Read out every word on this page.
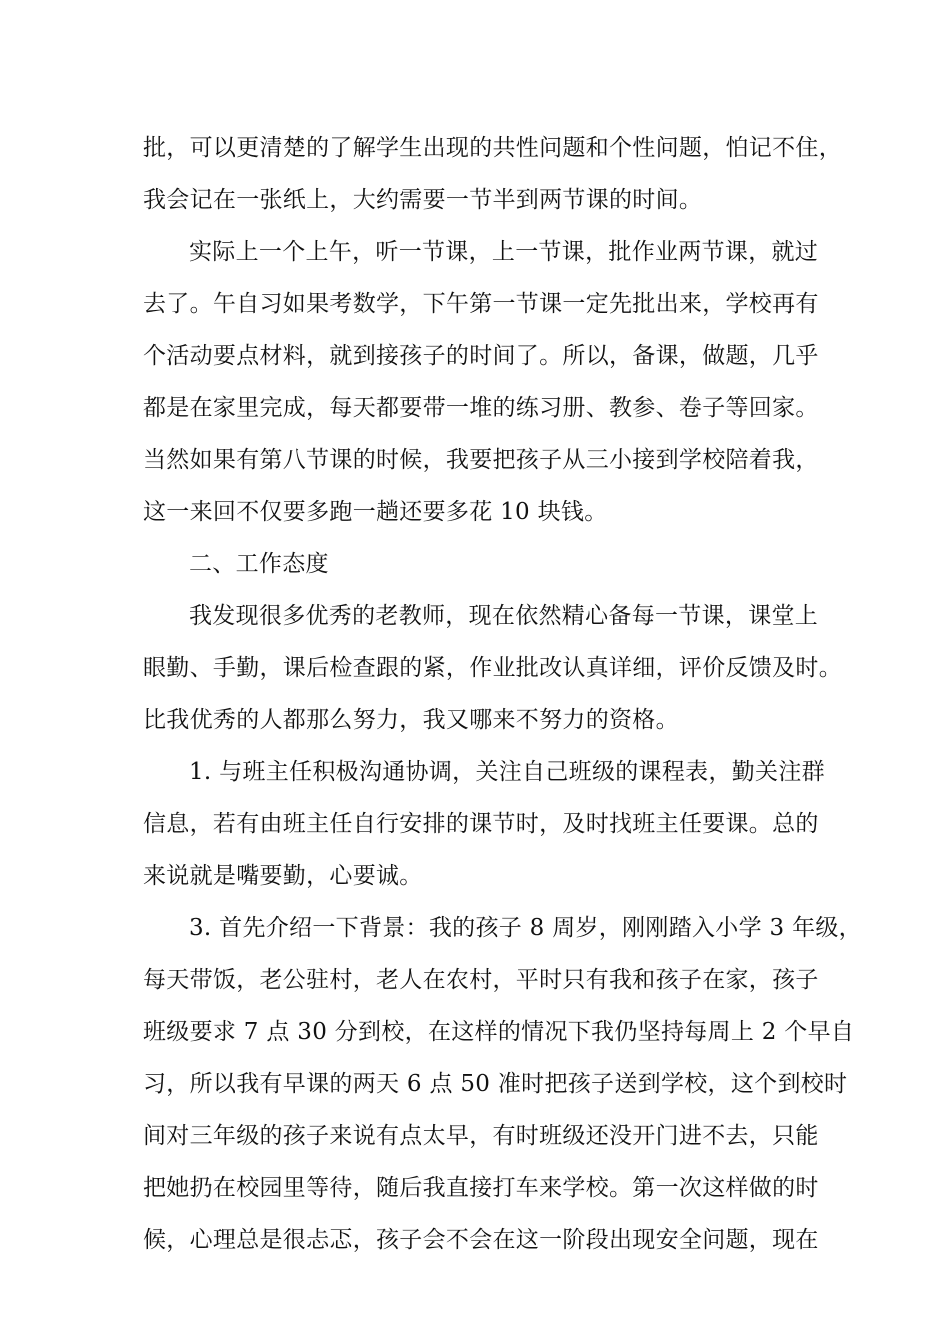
批，可以更清楚的了解学生出现的共性问题和个性问题，怕记不住，
我会记在一张纸上，大约需要一节半到两节课的时间。
实际上一个上午，听一节课，上一节课，批作业两节课，就过
去了。午自习如果考数学，下午第一节课一定先批出来，学校再有
个活动要点材料，就到接孩子的时间了。所以，备课，做题，几乎
都是在家里完成，每天都要带一堆的练习册、教参、卷子等回家。
当然如果有第八节课的时候，我要把孩子从三小接到学校陪着我，
这一来回不仅要多跑一趟还要多花 10 块钱。
二、工作态度
我发现很多优秀的老教师，现在依然精心备每一节课，课堂上
眼勤、手勤，课后检查跟的紧，作业批改认真详细，评价反馈及时。
比我优秀的人都那么努力，我又哪来不努力的资格。
1. 与班主任积极沟通协调，关注自己班级的课程表，勤关注群
信息，若有由班主任自行安排的课节时，及时找班主任要课。总的
来说就是嘴要勤，心要诚。
3. 首先介绍一下背景：我的孩子 8 周岁，刚刚踏入小学 3 年级，
每天带饭，老公驻村，老人在农村，平时只有我和孩子在家，孩子
班级要求 7 点 30 分到校，在这样的情况下我仍坚持每周上 2 个早自
习，所以我有早课的两天 6 点 50 准时把孩子送到学校，这个到校时
间对三年级的孩子来说有点太早，有时班级还没开门进不去，只能
把她扔在校园里等待，随后我直接打车来学校。第一次这样做的时
候，心理总是很忐忑，孩子会不会在这一阶段出现安全问题，现在
